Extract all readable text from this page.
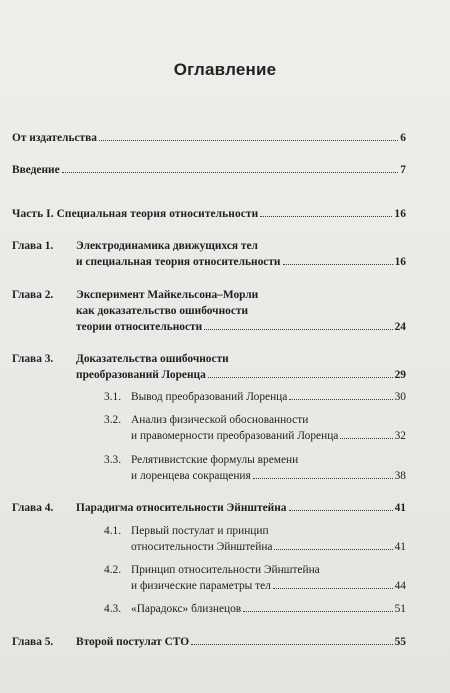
Оглавление
От издательства	6
Введение	7
Часть I. Специальная теория относительности	16
Глава 1. Электродинамика движущихся тел
и специальная теория относительности	16
Глава 2. Эксперимент Майкельсона–Морли
как доказательство ошибочности
теории относительности	24
Глава 3. Доказательства ошибочности
преобразований Лоренца	29
3.1. Вывод преобразований Лоренца	30
3.2. Анализ физической обоснованности
и правомерности преобразований Лоренца	32
3.3. Релятивистские формулы времени
и лоренцева сокращения	38
Глава 4. Парадигма относительности Эйнштейна	41
4.1. Первый постулат и принцип
относительности Эйнштейна	41
4.2. Принцип относительности Эйнштейна
и физические параметры тел	44
4.3. «Парадокс» близнецов	51
Глава 5. Второй постулат СТО	55
